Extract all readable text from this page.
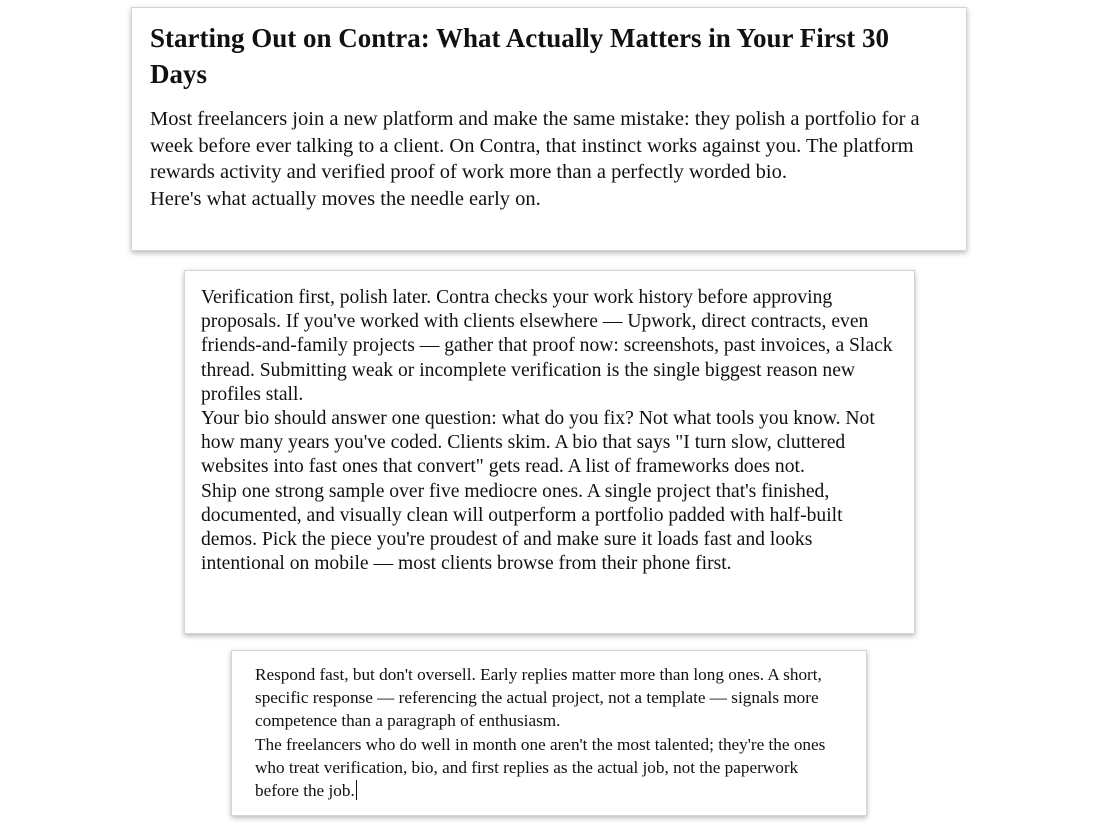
Starting Out on Contra: What Actually Matters in Your First 30 Days

Most freelancers join a new platform and make the same mistake: they polish a portfolio for a week before ever talking to a client. On Contra, that instinct works against you. The platform rewards activity and verified proof of work more than a perfectly worded bio.

Here's what actually moves the needle early on.

Verification first, polish later. Contra checks your work history before approving proposals. If you've worked with clients elsewhere — Upwork, direct contracts, even friends-and-family projects — gather that proof now: screenshots, past invoices, a Slack thread. Submitting weak or incomplete verification is the single biggest reason new profiles stall.

Your bio should answer one question: what do you fix? Not what tools you know. Not how many years you've coded. Clients skim. A bio that says "I turn slow, cluttered websites into fast ones that convert" gets read. A list of frameworks does not.

Ship one strong sample over five mediocre ones. A single project that's finished, documented, and visually clean will outperform a portfolio padded with half-built demos. Pick the piece you're proudest of and make sure it loads fast and looks intentional on mobile — most clients browse from their phone first.

Respond fast, but don't oversell. Early replies matter more than long ones. A short, specific response — referencing the actual project, not a template — signals more competence than a paragraph of enthusiasm.

The freelancers who do well in month one aren't the most talented; they're the ones who treat verification, bio, and first replies as the actual job, not the paperwork before the job.
